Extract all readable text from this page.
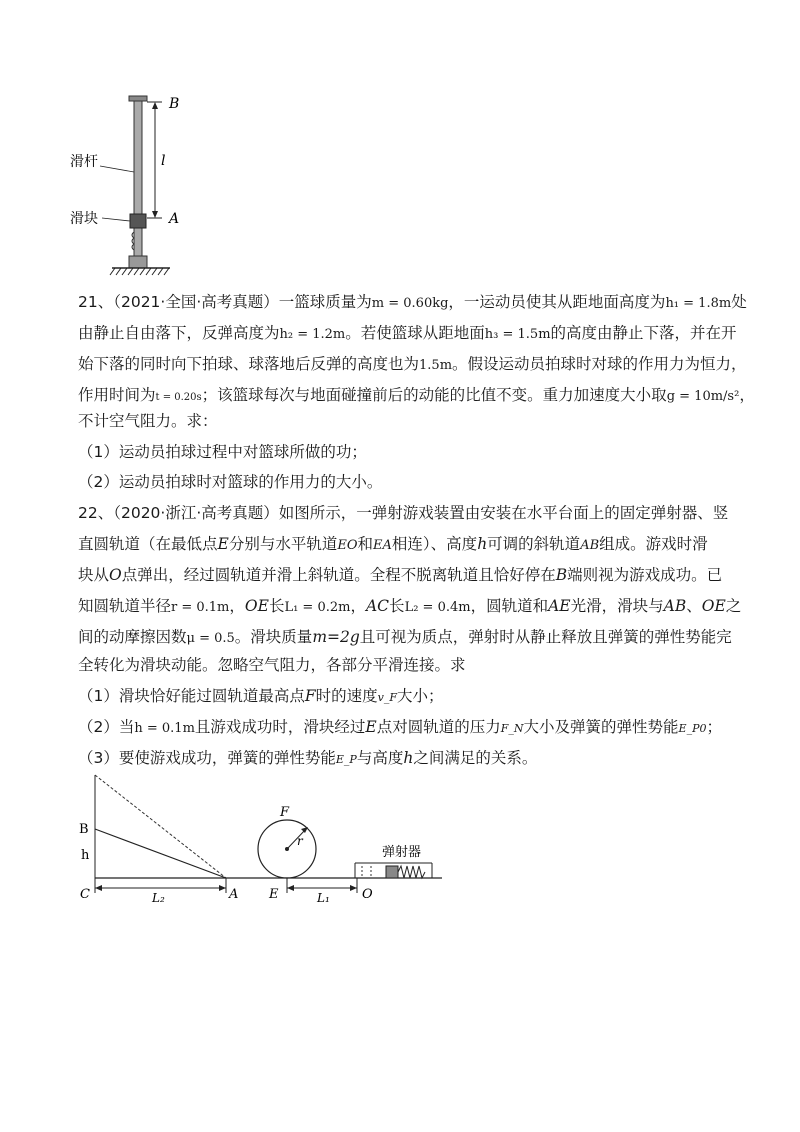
B
l
A
滑杆
滑块
21、（2021·全国·高考真题）一篮球质量为m = 0.60kg，一运动员使其从距地面高度为h₁ = 1.8m处
由静止自由落下，反弹高度为h₂ = 1.2m。若使篮球从距地面h₃ = 1.5m的高度由静止下落，并在开
始下落的同时向下拍球、球落地后反弹的高度也为1.5m。假设运动员拍球时对球的作用力为恒力，
作用时间为t = 0.20s；该篮球每次与地面碰撞前后的动能的比值不变。重力加速度大小取g = 10m/s²，
不计空气阻力。求：
（1）运动员拍球过程中对篮球所做的功；
（2）运动员拍球时对篮球的作用力的大小。
22、（2020·浙江·高考真题）如图所示，一弹射游戏装置由安装在水平台面上的固定弹射器、竖
直圆轨道（在最低点E分别与水平轨道EO和EA相连）、高度h可调的斜轨道AB组成。游戏时滑
块从O点弹出，经过圆轨道并滑上斜轨道。全程不脱离轨道且恰好停在B端则视为游戏成功。已
知圆轨道半径r = 0.1m，OE长L₁ = 0.2m，AC长L₂ = 0.4m，圆轨道和AE光滑，滑块与AB、OE之
间的动摩擦因数μ = 0.5。滑块质量m=2g且可视为质点，弹射时从静止释放且弹簧的弹性势能完
全转化为滑块动能。忽略空气阻力，各部分平滑连接。求
（1）滑块恰好能过圆轨道最高点F时的速度v_F大小；
（2）当h = 0.1m且游戏成功时，滑块经过E点对圆轨道的压力F_N大小及弹簧的弹性势能E_P0；
（3）要使游戏成功，弹簧的弹性势能E_P与高度h之间满足的关系。
B
h
C	L₂	A E	L₁ O
F
r
弹射器
